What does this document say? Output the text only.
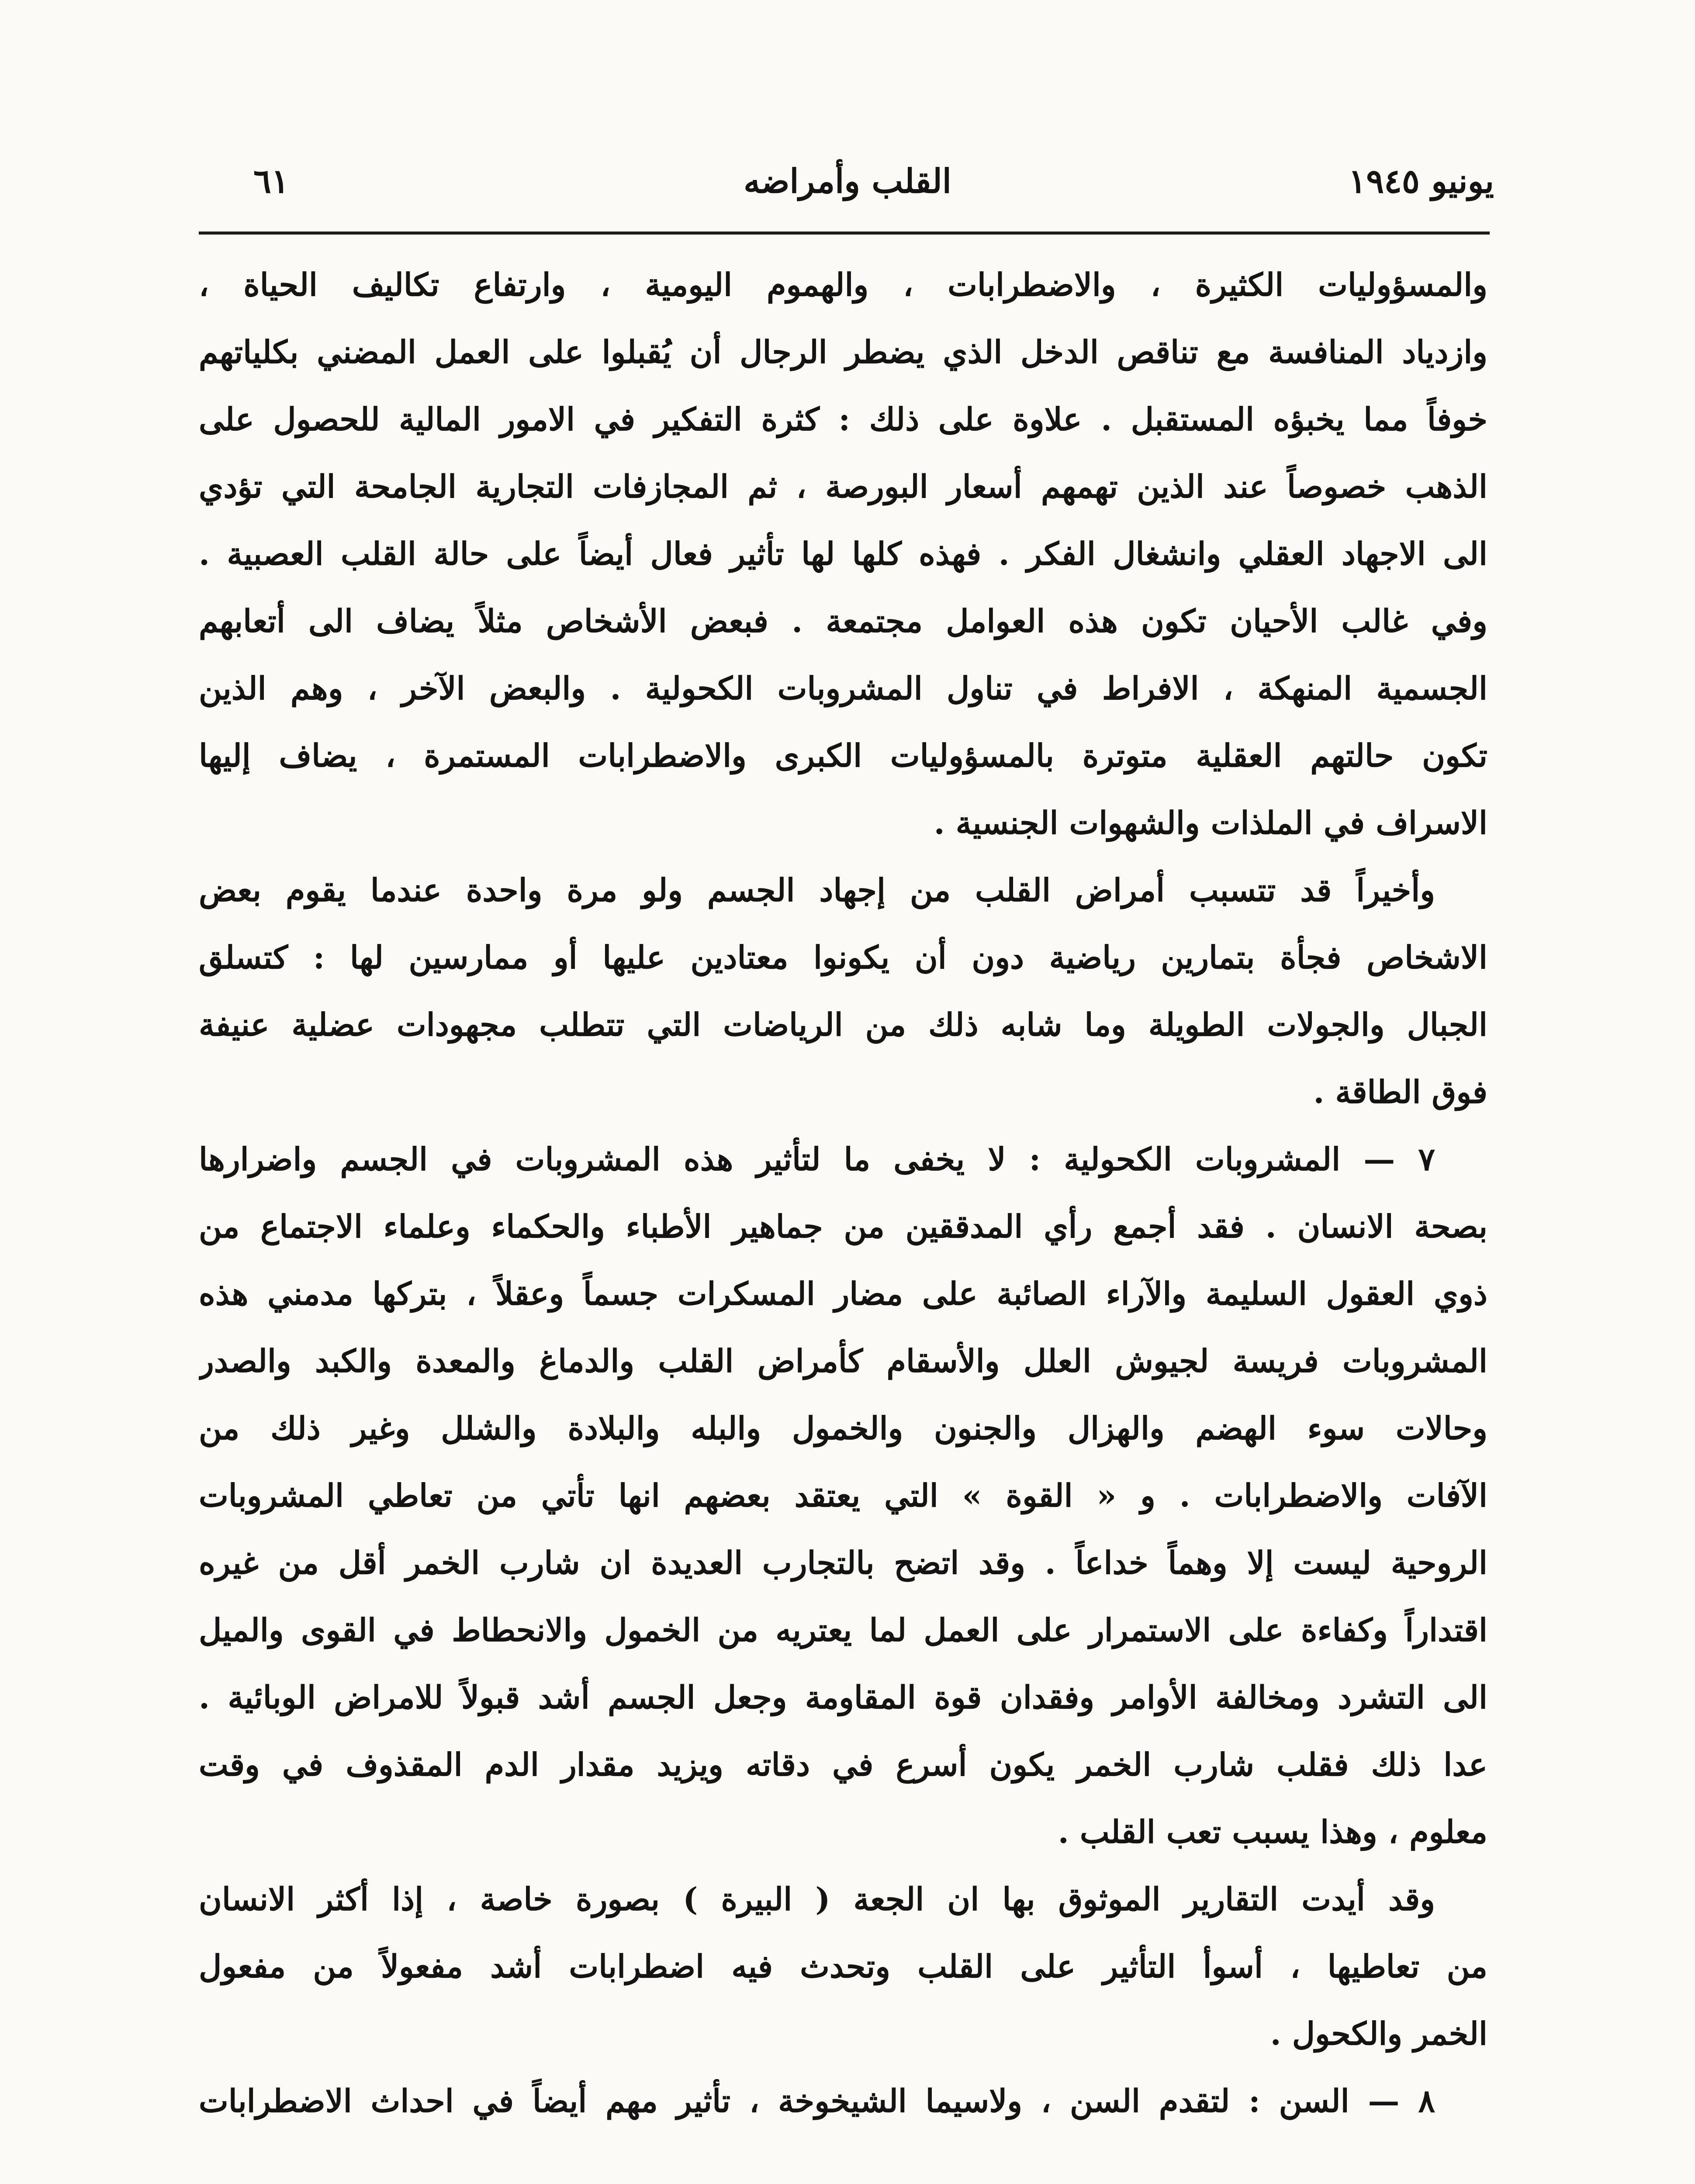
يونيو ١٩٤٥
القلب وأمراضه
٦١
والمسؤوليات الكثيرة ، والاضطرابات ، والهموم اليومية ، وارتفاع تكاليف الحياة ،
وازدياد المنافسة مع تناقص الدخل الذي يضطر الرجال أن يُقبلوا على العمل المضني بكلياتهم
خوفاً مما يخبؤه المستقبل . علاوة على ذلك : كثرة التفكير في الامور المالية للحصول على
الذهب خصوصاً عند الذين تهمهم أسعار البورصة ، ثم المجازفات التجارية الجامحة التي تؤدي
الى الاجهاد العقلي وانشغال الفكر . فهذه كلها لها تأثير فعال أيضاً على حالة القلب العصبية .
وفي غالب الأحيان تكون هذه العوامل مجتمعة . فبعض الأشخاص مثلاً يضاف الى أتعابهم
الجسمية المنهكة ، الافراط في تناول المشروبات الكحولية . والبعض الآخر ، وهم الذين
تكون حالتهم العقلية متوترة بالمسؤوليات الكبرى والاضطرابات المستمرة ، يضاف إليها
الاسراف في الملذات والشهوات الجنسية .
وأخيراً قد تتسبب أمراض القلب من إجهاد الجسم ولو مرة واحدة عندما يقوم بعض
الاشخاص فجأة بتمارين رياضية دون أن يكونوا معتادين عليها أو ممارسين لها : كتسلق
الجبال والجولات الطويلة وما شابه ذلك من الرياضات التي تتطلب مجهودات عضلية عنيفة
فوق الطاقة .
٧ — المشروبات الكحولية : لا يخفى ما لتأثير هذه المشروبات في الجسم واضرارها
بصحة الانسان . فقد أجمع رأي المدققين من جماهير الأطباء والحكماء وعلماء الاجتماع من
ذوي العقول السليمة والآراء الصائبة على مضار المسكرات جسماً وعقلاً ، بتركها مدمني هذه
المشروبات فريسة لجيوش العلل والأسقام كأمراض القلب والدماغ والمعدة والكبد والصدر
وحالات سوء الهضم والهزال والجنون والخمول والبله والبلادة والشلل وغير ذلك من
الآفات والاضطرابات . و « القوة » التي يعتقد بعضهم انها تأتي من تعاطي المشروبات
الروحية ليست إلا وهماً خداعاً . وقد اتضح بالتجارب العديدة ان شارب الخمر أقل من غيره
اقتداراً وكفاءة على الاستمرار على العمل لما يعتريه من الخمول والانحطاط في القوى والميل
الى التشرد ومخالفة الأوامر وفقدان قوة المقاومة وجعل الجسم أشد قبولاً للامراض الوبائية .
عدا ذلك فقلب شارب الخمر يكون أسرع في دقاته ويزيد مقدار الدم المقذوف في وقت
معلوم ، وهذا يسبب تعب القلب .
وقد أيدت التقارير الموثوق بها ان الجعة ( البيرة ) بصورة خاصة ، إذا أكثر الانسان
من تعاطيها ، أسوأ التأثير على القلب وتحدث فيه اضطرابات أشد مفعولاً من مفعول
الخمر والكحول .
٨ — السن : لتقدم السن ، ولاسيما الشيخوخة ، تأثير مهم أيضاً في احداث الاضطرابات
